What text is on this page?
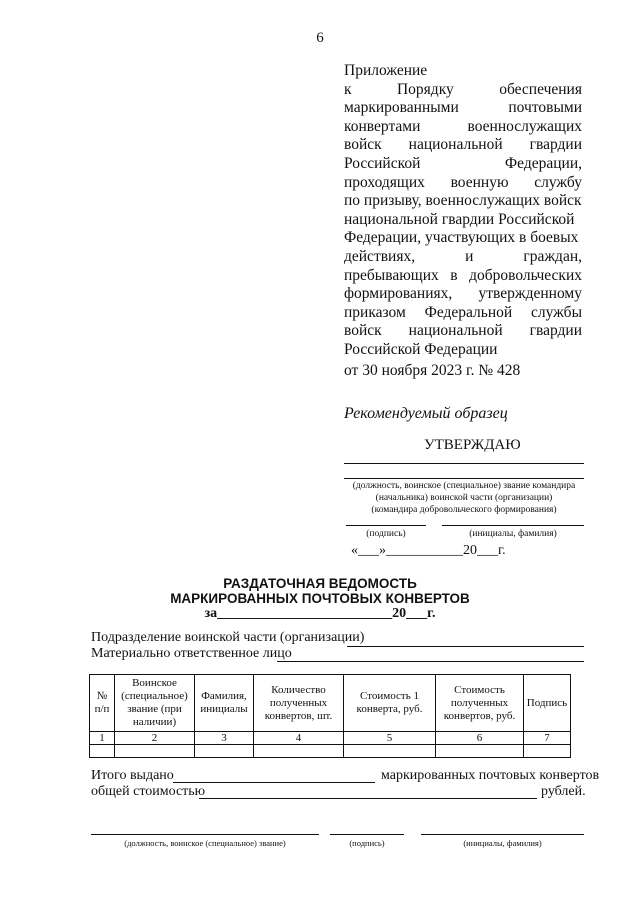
6
Приложение
к	Порядку	обеспечения
маркированными	почтовыми
конвертами	военнослужащих
войск национальной гвардии
Российской	Федерации,
проходящих военную службу
по призыву, военнослужащих войск
национальной гвардии Российской
Федерации, участвующих в боевых
действиях,	и	граждан,
пребывающих в добровольческих
формированиях, утвержденному
приказом Федеральной службы
войск национальной гвардии
Российской Федерации
от 30 ноября 2023 г. № 428
Рекомендуемый образец
УТВЕРЖДАЮ
(должность, воинское (специальное) звание командира
(начальника) воинской части (организации)
(командира добровольческого формирования)
(подпись)	(инициалы, фамилия)
«___»___________20___г.
РАЗДАТОЧНАЯ ВЕДОМОСТЬ
МАРКИРОВАННЫХ ПОЧТОВЫХ КОНВЕРТОВ
за_________________________20___г.
Подразделение воинской части (организации)
Материально ответственное лицо
№ п/п	Воинское (специальное) звание (при наличии)	Фамилия, инициалы	Количество полученных конвертов, шт.	Стоимость 1 конверта, руб.	Стоимость полученных конвертов, руб.	Подпись
1	2	3	4	5	6	7

Итого выдано	маркированных почтовых конвертов
общей стоимостью	рублей.
(должность, воинское (специальное) звание)	(подпись)	(инициалы, фамилия)
